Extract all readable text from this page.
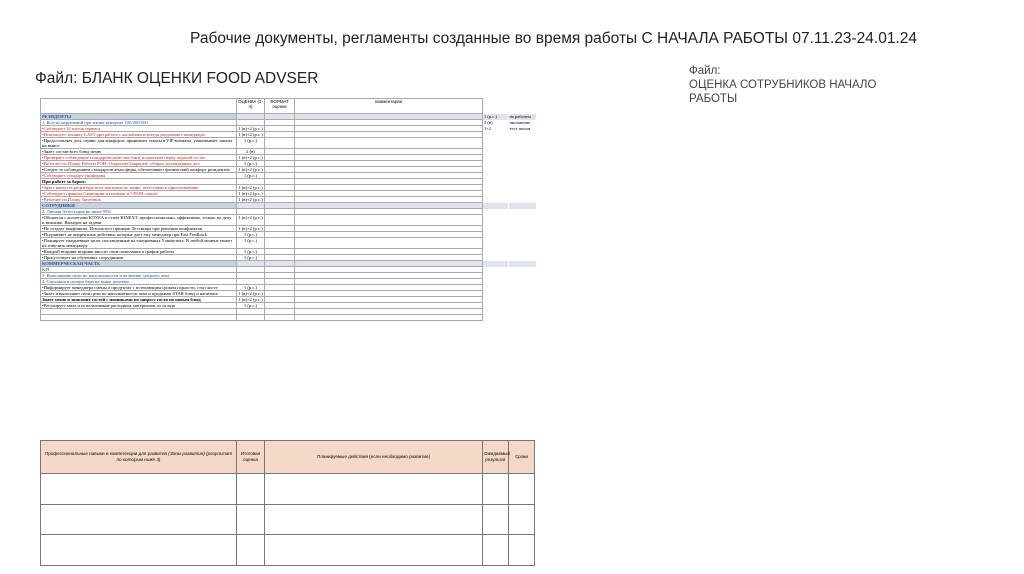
Рабочие документы, регламенты созданные во время работы С НАЧАЛА РАБОТЫ 07.11.23-24.01.24
Файл: БЛАНК ОЦЕНКИ FOOD ADVSER	Файл:
ОЦЕНКА СОТРУБНИКОВ НАЧАЛО РАБОТЫ
	ОЦЕНКА (1-4)	ФОРМАТ оценки	комментарии		
РЕЗИДЕНТЫ				1 (р.с.)	на рабочем
1. Кол-во нарушений при жизне контроле 100/200/500				2 (в)	письменно
•Соблюдает 12 шагов сервиса	1 (в)+2 (р.с.)			1+2	тест письм
•Использует технику LAST при работе с жалобами и всегда уведомляет менеджера	1 (в)+2 (р.с.)				
•Предоставляет доп. сервис для комфорта: принимает заказы в VIP комнаты, упаковывает заказы на вынос	1 (р.с.)				
•Знает состав всех блюд меню	2 (в)				
•Проверяет соблюдение стандартов качества блюд и напитков перед подачей гостю	1 (в)+2 (р.с.)				
•Работает по Плану Работы FOH: Открытие/Закрытие, уборки, календарных дел	1 (р.с.)				
•Следит за соблюдением стандартов атмосферы, обеспечивает физический комфорт резидентов	1 (в)+2 (р.с.)				
•Соблюдает стандарт униформы	1 (р.с.)				
При работе за баром:					
•Знает наизусть рецептуру всех напитков по меню, аттестован к приготовлению	1 (в)+2 (р.с.)				
•Соблюдает правила Санитарии и гигиены и 5 ВОН control	1 (в)+2 (р.с.)				
•Работает по Плану Заготовок	1 (в)+2 (р.с.)				
СОТРУДНИКИ					
2. Личная Аттестация не ниже 95%					
•Общается с коллегами КЛУБА в стиле KINEXT: профессионально, эффективно, только по делу и вежливо. Выходит на задачи	1 (в)+2 (р.с.)				
•Не создает конфликты. Использует принцип Лестницы при решении конфликтов	1 (в)+2 (р.с.)				
•Исправляет не корректные действия, которые дает ему менеджер при Fast Feedback	1 (р.с.)				
•Планирует ежедневные цели, поставленные на ежедневных 5 минутках. В любой момент может их озвучить менеджеру	1 (р.с.)				
•Каждый вторник вторник вносит свои пожелания в график работы	1 (р.с.)				
•Присутствует на обучениях сотрудников	1 (р.с.)				
КОММЕРЧЕСКАЯ ЧАСТЬ					
KPI:					
3. Выполнение цели по наполненности и величине среднего чека					
4. Списания и потери бара не выше целевых					
•Информирует менеджера смены о продуктах с истекающим сроком годности, стоп листе	1 (р.с.)				
•Знает и выполняет свои цели по наполняемости чека и продажам STAR блюд и напитков	1 (в)+2 (р.с.)				
Знает меню и знакомит гостей с новинками по запросу гостя по новым блюд	1 (в)+2 (р.с.)				
•Регулирует заказ и использование расходных материалов со склада	1 (р.с.)				

Профессиональные навыки и компетенции для развития (Зоны развития) (результат по которым ниже 3)	Итоговая оценка	Планируемые действия (если необходимо развитие)	Ожидаемый результат	Сроки
